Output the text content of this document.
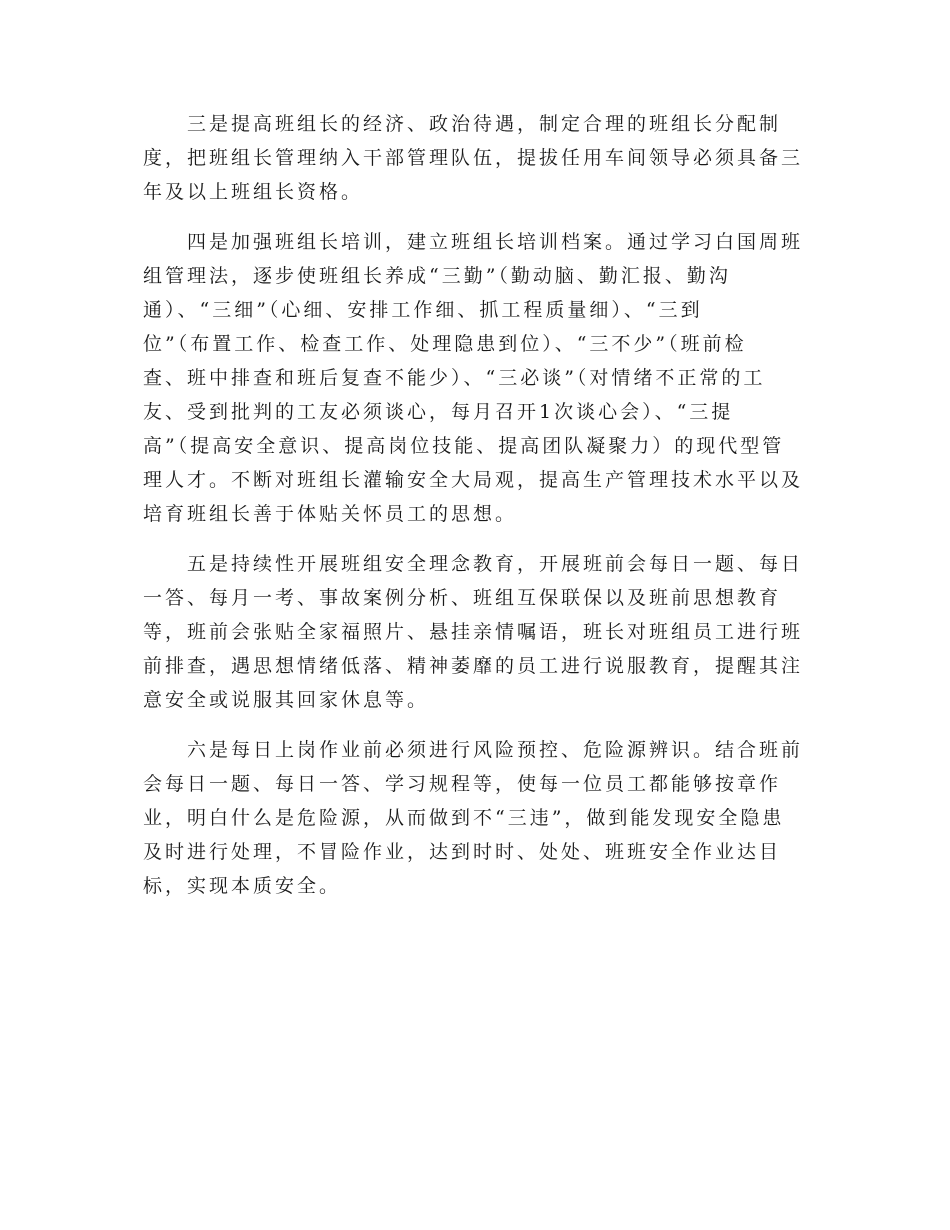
三是提高班组长的经济、政治待遇，制定合理的班组长分配制
度，把班组长管理纳入干部管理队伍，提拔任用车间领导必须具备三
年及以上班组长资格。
四是加强班组长培训，建立班组长培训档案。通过学习白国周班
组管理法，逐步使班组长养成“三勤”（勤动脑、勤汇报、勤沟
通）、“三细”（心细、安排工作细、抓工程质量细）、“三到
位”（布置工作、检查工作、处理隐患到位）、“三不少”（班前检
查、班中排查和班后复查不能少）、“三必谈”（对情绪不正常的工
友、受到批判的工友必须谈心，每月召开1次谈心会）、“三提
高”（提高安全意识、提高岗位技能、提高团队凝聚力）的现代型管
理人才。不断对班组长灌输安全大局观，提高生产管理技术水平以及
培育班组长善于体贴关怀员工的思想。
五是持续性开展班组安全理念教育，开展班前会每日一题、每日
一答、每月一考、事故案例分析、班组互保联保以及班前思想教育
等，班前会张贴全家福照片、悬挂亲情嘱语，班长对班组员工进行班
前排查，遇思想情绪低落、精神萎靡的员工进行说服教育，提醒其注
意安全或说服其回家休息等。
六是每日上岗作业前必须进行风险预控、危险源辨识。结合班前
会每日一题、每日一答、学习规程等，使每一位员工都能够按章作
业，明白什么是危险源，从而做到不“三违”，做到能发现安全隐患
及时进行处理，不冒险作业，达到时时、处处、班班安全作业达目
标，实现本质安全。
